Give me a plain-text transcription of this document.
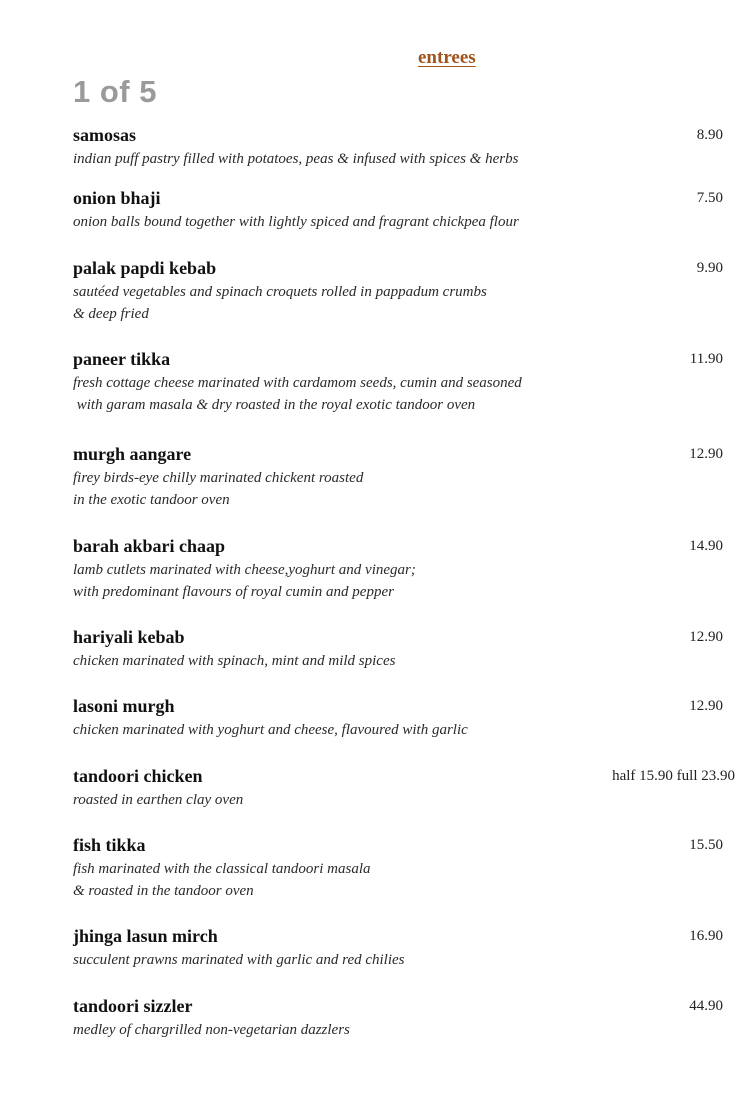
entrees
1 of 5
samosas	8.90

indian puff pastry filled with potatoes, peas & infused with spices & herbs

onion bhaji	7.50

onion balls bound together with lightly spiced and fragrant chickpea flour

palak papdi kebab	9.90

sautéed vegetables and spinach croquets rolled in pappadum crumbs
& deep fried

paneer tikka	11.90

fresh cottage cheese marinated with cardamom seeds, cumin and seasoned
with garam masala & dry roasted in the royal exotic tandoor oven

murgh aangare	12.90

firey birds-eye chilly marinated chickent roasted
in the exotic tandoor oven

barah akbari chaap	14.90

lamb cutlets marinated with cheese,yoghurt and vinegar;
with predominant flavours of royal cumin and pepper

hariyali kebab	12.90

chicken marinated with spinach, mint and mild spices

lasoni murgh	12.90

chicken marinated with yoghurt and cheese, flavoured with garlic

tandoori chicken	half 15.90 full 23.90

roasted in earthen clay oven

fish tikka	15.50

fish marinated with the classical tandoori masala
& roasted in the tandoor oven

jhinga lasun mirch	16.90

succulent prawns marinated with garlic and red chilies

tandoori sizzler	44.90

medley of chargrilled non-vegetarian dazzlers
